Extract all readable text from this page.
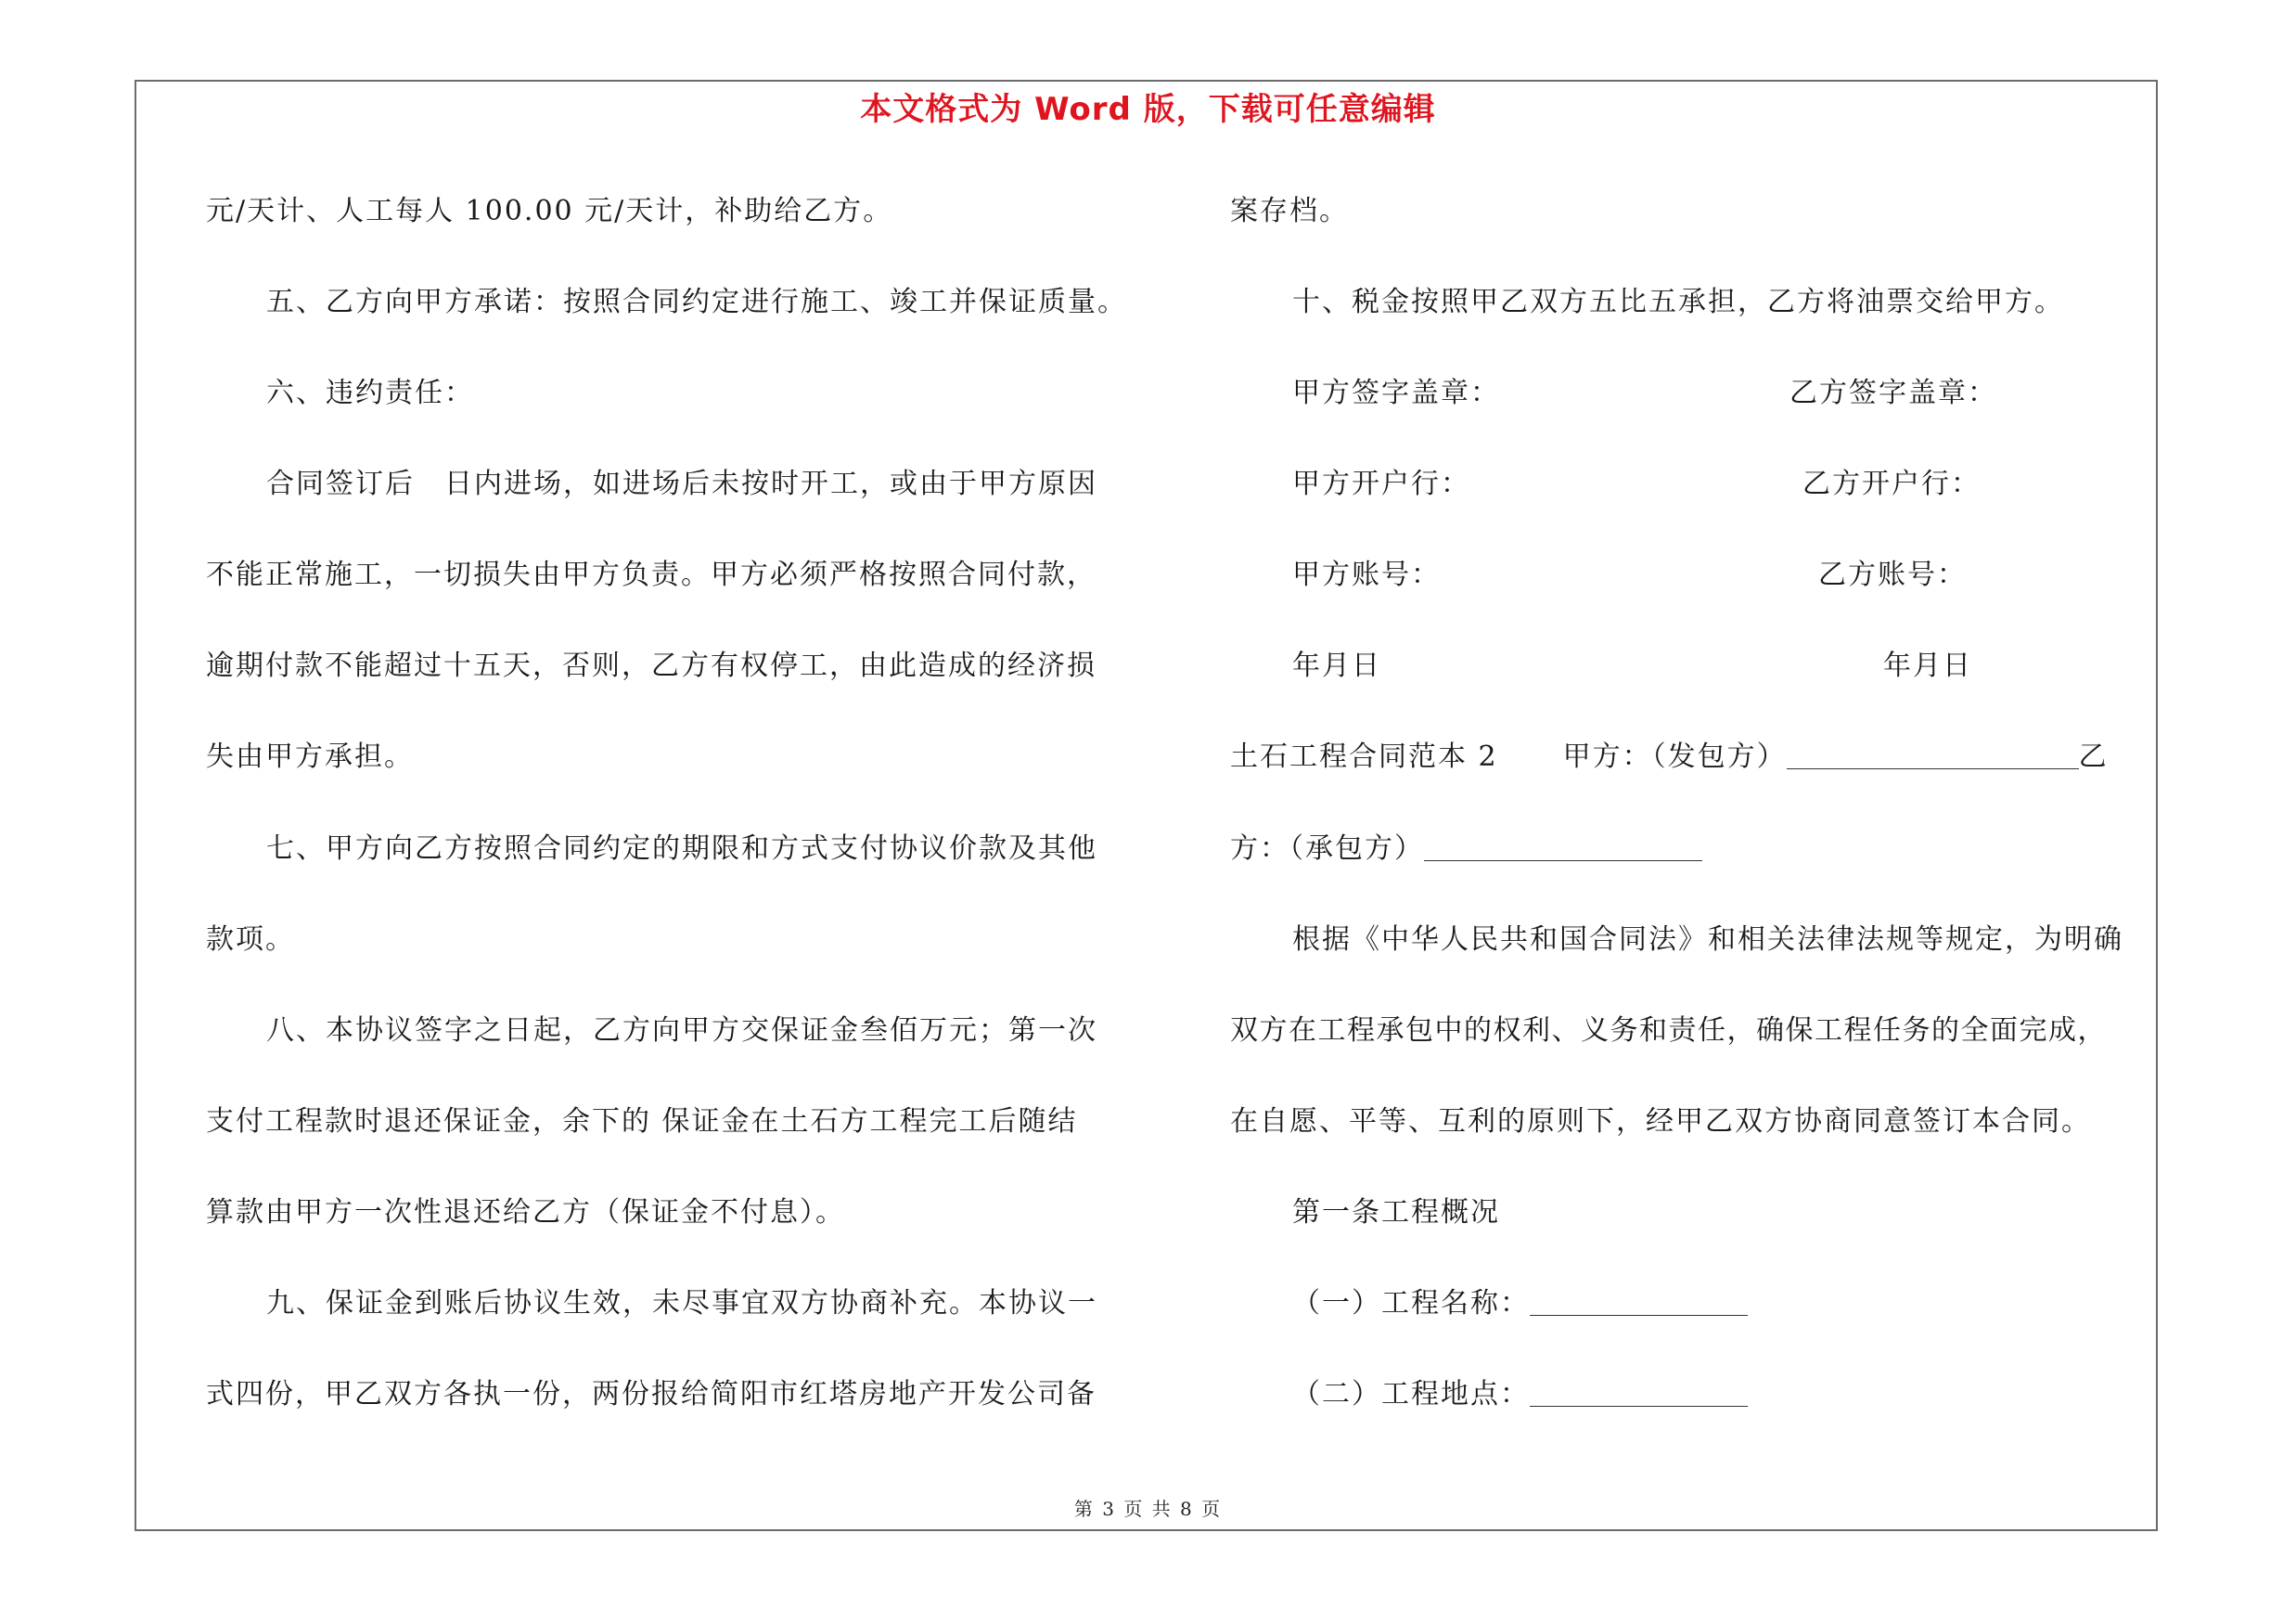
本文格式为 Word 版，下载可任意编辑
元/天计、人工每人 100.00 元/天计，补助给乙方。
五、乙方向甲方承诺：按照合同约定进行施工、竣工并保证质量。
六、违约责任：
合同签订后　日内进场，如进场后未按时开工，或由于甲方原因
不能正常施工，一切损失由甲方负责。甲方必须严格按照合同付款，
逾期付款不能超过十五天，否则，乙方有权停工，由此造成的经济损
失由甲方承担。
七、甲方向乙方按照合同约定的期限和方式支付协议价款及其他
款项。
八、本协议签字之日起，乙方向甲方交保证金叁佰万元；第一次
支付工程款时退还保证金，余下的 保证金在土石方工程完工后随结
算款由甲方一次性退还给乙方（保证金不付息）。
九、保证金到账后协议生效，未尽事宜双方协商补充。本协议一
式四份，甲乙双方各执一份，两份报给简阳市红塔房地产开发公司备
案存档。
十、税金按照甲乙双方五比五承担，乙方将油票交给甲方。
甲方签字盖章：	乙方签字盖章：
甲方开户行：	乙方开户行：
甲方账号：	乙方账号：
年月日	年月日
土石工程合同范本 2 甲方：（发包方）	乙
方：（承包方）
根据《中华人民共和国合同法》和相关法律法规等规定，为明确
双方在工程承包中的权利、义务和责任，确保工程任务的全面完成，
在自愿、平等、互利的原则下，经甲乙双方协商同意签订本合同。
第一条工程概况
（一）工程名称：
（二）工程地点：
第 3 页 共 8 页
